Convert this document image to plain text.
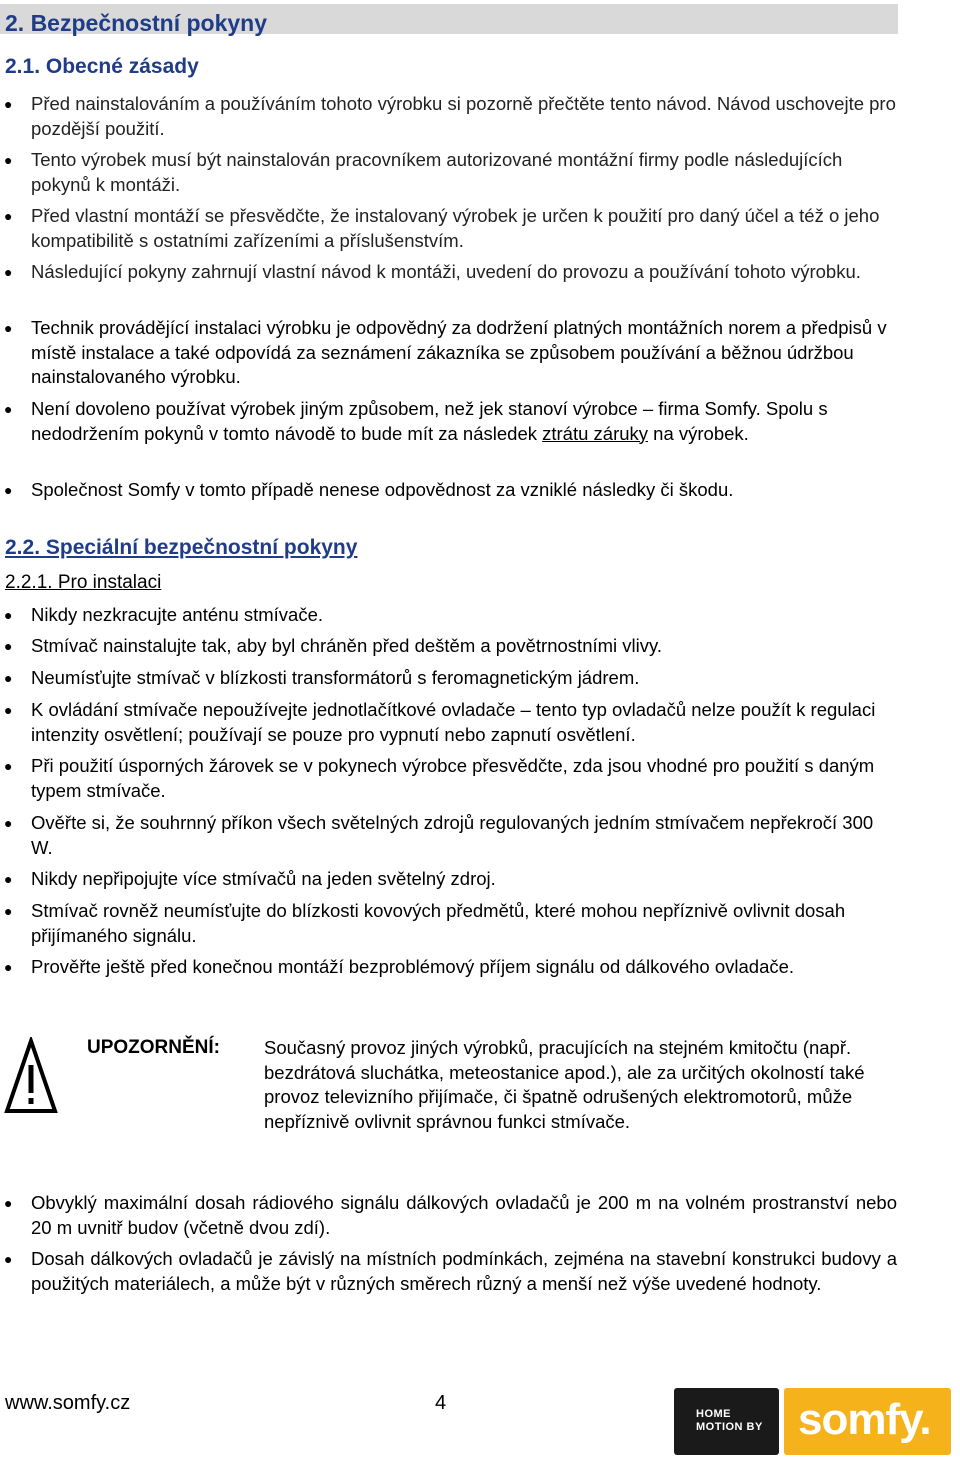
2. Bezpečnostní pokyny
2.1. Obecné zásady
● Před nainstalováním a používáním tohoto výrobku si pozorně přečtěte tento návod. Návod uschovejte pro pozdější použití.
● Tento výrobek musí být nainstalován pracovníkem autorizované montážní firmy podle následujících pokynů k montáži.
● Před vlastní montáží se přesvědčte, že instalovaný výrobek je určen k použití pro daný účel a též o jeho kompatibilitě s ostatními zařízeními a příslušenstvím.
● Následující pokyny zahrnují vlastní návod k montáži, uvedení do provozu a používání tohoto výrobku.
● Technik provádějící instalaci výrobku je odpovědný za dodržení platných montážních norem a předpisů v místě instalace a také odpovídá za seznámení zákazníka se způsobem používání a běžnou údržbou nainstalovaného výrobku.
● Není dovoleno používat výrobek jiným způsobem, než jek stanoví výrobce – firma Somfy. Spolu s nedodržením pokynů v tomto návodě to bude mít za následek ztrátu záruky na výrobek.
● Společnost Somfy v tomto případě nenese odpovědnost za vzniklé následky či škodu.
2.2. Speciální bezpečnostní pokyny
2.2.1. Pro instalaci
● Nikdy nezkracujte anténu stmívače.
● Stmívač nainstalujte tak, aby byl chráněn před deštěm a povětrnostními vlivy.
● Neumísťujte stmívač v blízkosti transformátorů s feromagnetickým jádrem.
● K ovládání stmívače nepoužívejte jednotlačítkové ovladače – tento typ ovladačů nelze použít k regulaci intenzity osvětlení; používají se pouze pro vypnutí nebo zapnutí osvětlení.
● Při použití úsporných žárovek se v pokynech výrobce přesvědčte, zda jsou vhodné pro použití s daným typem stmívače.
● Ověřte si, že souhrnný příkon všech světelných zdrojů regulovaných jedním stmívačem nepřekročí 300 W.
● Nikdy nepřipojujte více stmívačů na jeden světelný zdroj.
● Stmívač rovněž neumísťujte do blízkosti kovových předmětů, které mohou nepříznivě ovlivnit dosah přijímaného signálu.
● Prověřte ještě před konečnou montáží bezproblémový příjem signálu od dálkového ovladače.
UPOZORNĚNÍ: Současný provoz jiných výrobků, pracujících na stejném kmitočtu (např. bezdrátová sluchátka, meteostanice apod.), ale za určitých okolností také provoz televizního přijímače, či špatně odrušených elektromotorů, může nepříznivě ovlivnit správnou funkci stmívače.
● Obvyklý maximální dosah rádiového signálu dálkových ovladačů je 200 m na volném prostranství nebo 20 m uvnitř budov (včetně dvou zdí).
● Dosah dálkových ovladačů je závislý na místních podmínkách, zejména na stavební konstrukci budovy a použitých materiálech, a může být v různých směrech různý a menší než výše uvedené hodnoty.
www.somfy.cz	4	HOME
MOTION BY somfy.
